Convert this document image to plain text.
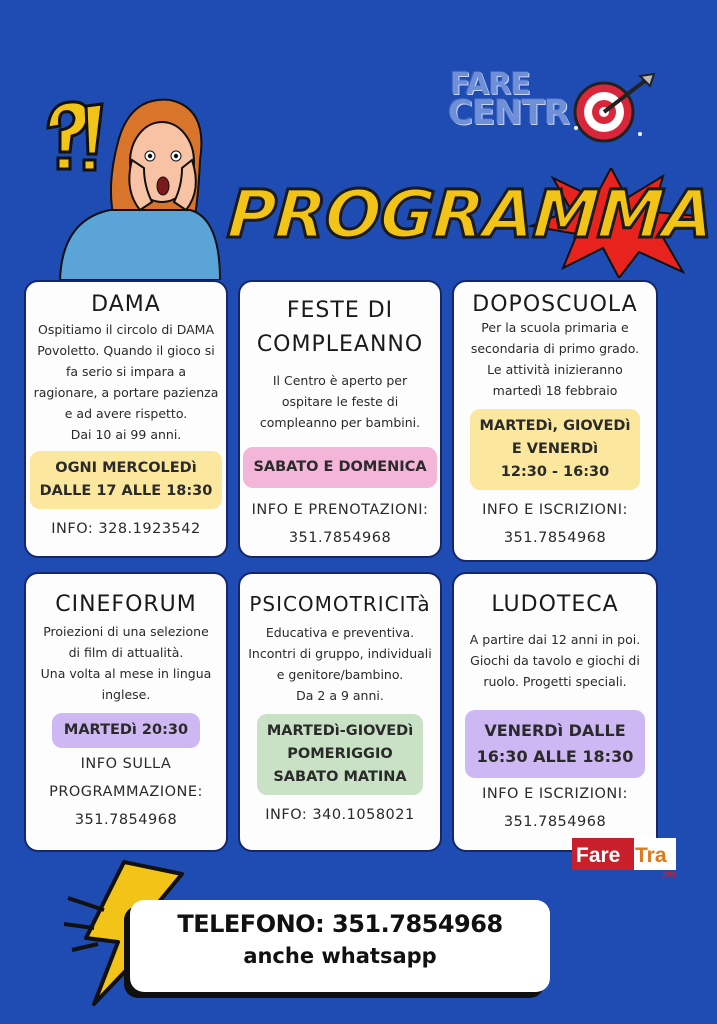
FARE
CENTR
PROGRAMMA
DAMA

Ospitiamo il circolo di DAMA

Povoletto. Quando il gioco si

fa serio si impara a

ragionare, a portare pazienza

e ad avere rispetto.

Dai 10 ai 99 anni.

OGNI MERCOLEDì
DALLE 17 ALLE 18:30
INFO: 328.1923542
FESTE DI
COMPLEANNO

Il Centro è aperto per

ospitare le feste di

compleanno per bambini.

SABATO E DOMENICA
INFO E PRENOTAZIONI:
351.7854968
DOPOSCUOLA

Per la scuola primaria e

secondaria di primo grado.

Le attività inizieranno

martedì 18 febbraio

MARTEDì, GIOVEDì
E VENERDì
12:30 - 16:30
INFO E ISCRIZIONI:
351.7854968
CINEFORUM

Proiezioni di una selezione

di film di attualità.

Una volta al mese in lingua

inglese.

MARTEDì 20:30
INFO SULLA
PROGRAMMAZIONE:
351.7854968
PSICOMOTRICITà

Educativa e preventiva.

Incontri di gruppo, individuali

e genitore/bambino.

Da 2 a 9 anni.

MARTEDì-GIOVEDì
POMERIGGIO
SABATO MATINA
INFO: 340.1058021
LUDOTECA

A partire dai 12 anni in poi.

Giochi da tavolo e giochi di

ruolo. Progetti speciali.

VENERDì DALLE
16:30 ALLE 18:30
INFO E ISCRIZIONI:
351.7854968
Fare Tra
APS
TELEFONO: 351.7854968
anche whatsapp
